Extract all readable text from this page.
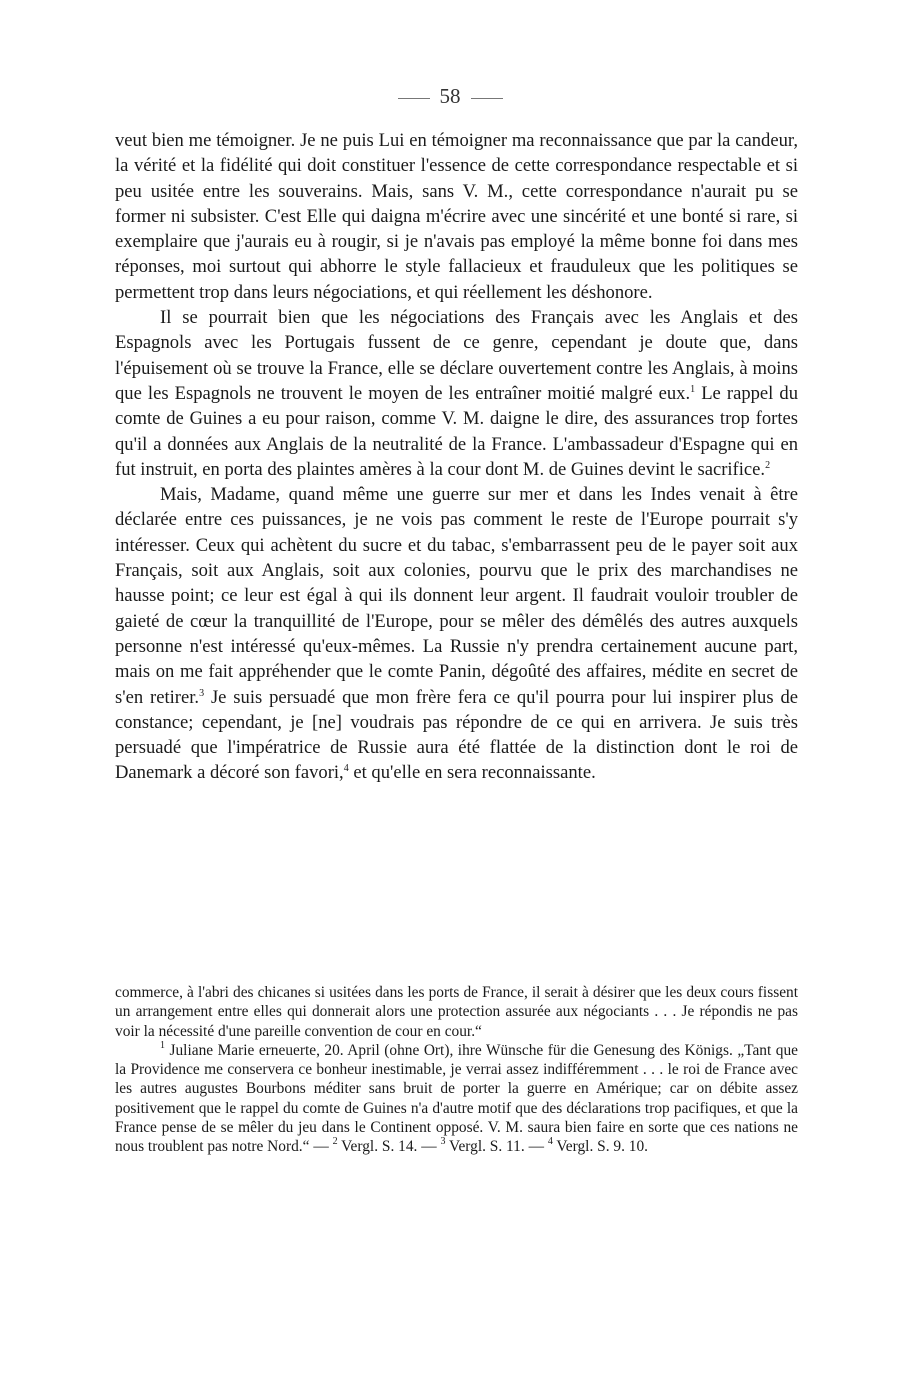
58

veut bien me témoigner. Je ne puis Lui en témoigner ma reconnaissance que par la candeur, la vérité et la fidélité qui doit constituer l'essence de cette correspondance respectable et si peu usitée entre les souverains. Mais, sans V. M., cette correspondance n'aurait pu se former ni subsister. C'est Elle qui daigna m'écrire avec une sincérité et une bonté si rare, si exemplaire que j'aurais eu à rougir, si je n'avais pas employé la même bonne foi dans mes réponses, moi surtout qui abhorre le style fallacieux et frauduleux que les politiques se permettent trop dans leurs négociations, et qui réellement les déshonore.

Il se pourrait bien que les négociations des Français avec les Anglais et des Espagnols avec les Portugais fussent de ce genre, cependant je doute que, dans l'épuisement où se trouve la France, elle se déclare ouvertement contre les Anglais, à moins que les Espagnols ne trouvent le moyen de les entraîner moitié malgré eux.$^1$ Le rappel du comte de Guines a eu pour raison, comme V. M. daigne le dire, des assurances trop fortes qu'il a données aux Anglais de la neutralité de la France. L'ambassadeur d'Espagne qui en fut instruit, en porta des plaintes amères à la cour dont M. de Guines devint le sacrifice.$^2$

Mais, Madame, quand même une guerre sur mer et dans les Indes venait à être déclarée entre ces puissances, je ne vois pas comment le reste de l'Europe pourrait s'y intéresser. Ceux qui achètent du sucre et du tabac, s'embarrassent peu de le payer soit aux Français, soit aux Anglais, soit aux colonies, pourvu que le prix des marchandises ne hausse point; ce leur est égal à qui ils donnent leur argent. Il faudrait vouloir troubler de gaieté de cœur la tranquillité de l'Europe, pour se mêler des démêlés des autres auxquels personne n'est intéressé qu'eux-mêmes. La Russie n'y prendra certainement aucune part, mais on me fait appréhender que le comte Panin, dégoûté des affaires, médite en secret de s'en retirer.$^3$ Je suis persuadé que mon frère fera ce qu'il pourra pour lui inspirer plus de constance; cependant, je [ne] voudrais pas répondre de ce qui en arrivera. Je suis très persuadé que l'impératrice de Russie aura été flattée de la distinction dont le roi de Danemark a décoré son favori,$^4$ et qu'elle en sera reconnaissante.

commerce, à l'abri des chicanes si usitées dans les ports de France, il serait à désirer que les deux cours fissent un arrangement entre elles qui donnerait alors une protection assurée aux négociants . . . Je répondis ne pas voir la nécessité d'une pareille convention de cour en cour.“

$^1$ Juliane Marie erneuerte, 20. April (ohne Ort), ihre Wünsche für die Genesung des Königs. „Tant que la Providence me conservera ce bonheur inestimable, je verrai assez indifféremment . . . le roi de France avec les autres augustes Bourbons méditer sans bruit de porter la guerre en Amérique; car on débite assez positivement que le rappel du comte de Guines n'a d'autre motif que des déclarations trop pacifiques, et que la France pense de se mêler du jeu dans le Continent opposé. V. M. saura bien faire en sorte que ces nations ne nous troublent pas notre Nord.“ — $^2$ Vergl. S. 14. — $^3$ Vergl. S. 11. — $^4$ Vergl. S. 9. 10.
